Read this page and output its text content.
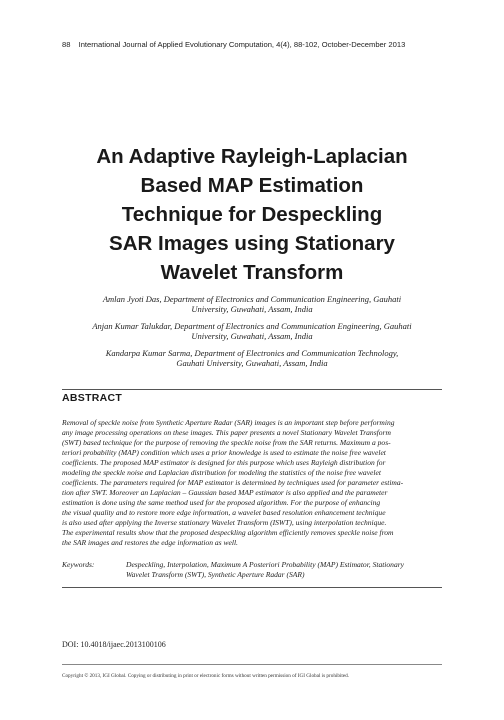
88 International Journal of Applied Evolutionary Computation, 4(4), 88-102, October-December 2013
An Adaptive Rayleigh-Laplacian
Based MAP Estimation
Technique for Despeckling
SAR Images using Stationary
Wavelet Transform
Amlan Jyoti Das, Department of Electronics and Communication Engineering, Gauhati
University, Guwahati, Assam, India
Anjan Kumar Talukdar, Department of Electronics and Communication Engineering, Gauhati
University, Guwahati, Assam, India
Kandarpa Kumar Sarma, Department of Electronics and Communication Technology,
Gauhati University, Guwahati, Assam, India
ABSTRACT
Removal of speckle noise from Synthetic Aperture Radar (SAR) images is an important step before performing
any image processing operations on these images. This paper presents a novel Stationary Wavelet Transform
(SWT) based technique for the purpose of removing the speckle noise from the SAR returns. Maximum a pos-
teriori probability (MAP) condition which uses a prior knowledge is used to estimate the noise free wavelet
coefficients. The proposed MAP estimator is designed for this purpose which uses Rayleigh distribution for
modeling the speckle noise and Laplacian distribution for modeling the statistics of the noise free wavelet
coefficients. The parameters required for MAP estimator is determined by techniques used for parameter estima-
tion after SWT. Moreover an Laplacian – Gaussian based MAP estimator is also applied and the parameter
estimation is done using the same method used for the proposed algorithm. For the purpose of enhancing
the visual quality and to restore more edge information, a wavelet based resolution enhancement technique
is also used after applying the Inverse stationary Wavelet Transform (ISWT), using interpolation technique.
The experimental results show that the proposed despeckling algorithm efficiently removes speckle noise from
the SAR images and restores the edge information as well.
Keywords:	Despeckling, Interpolation, Maximum A Posteriori Probability (MAP) Estimator, Stationary
Wavelet Transform (SWT), Synthetic Aperture Radar (SAR)
DOI: 10.4018/ijaec.2013100106
Copyright © 2013, IGI Global. Copying or distributing in print or electronic forms without written permission of IGI Global is prohibited.
